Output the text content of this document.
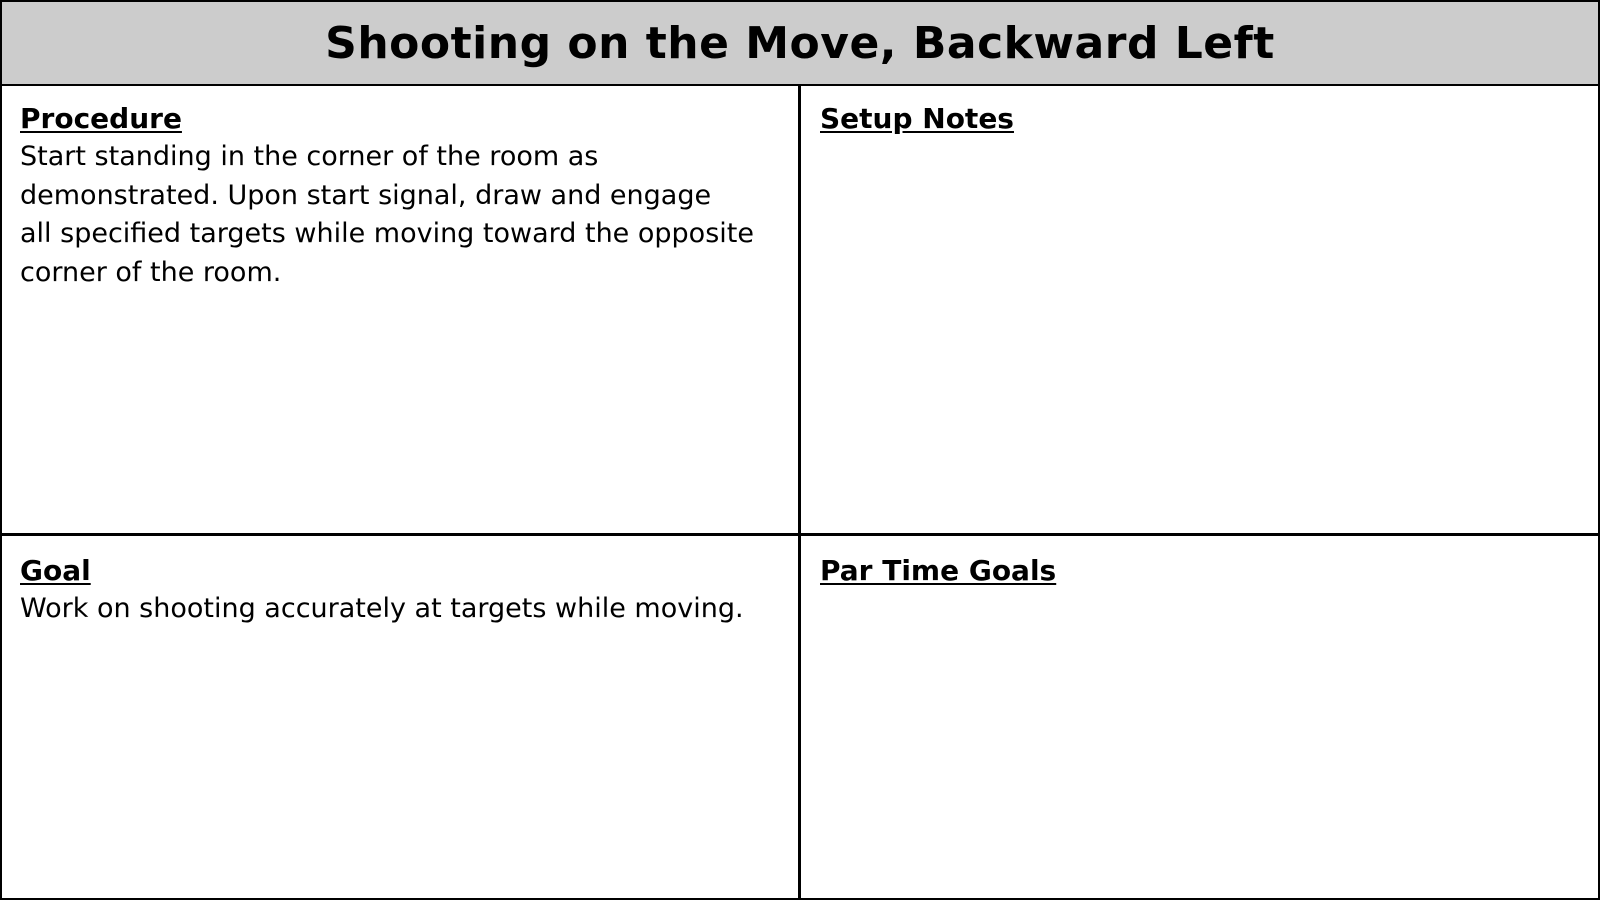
Shooting on the Move, Backward Left
Procedure

Start standing in the corner of the room as
demonstrated. Upon start signal, draw and engage
all specified targets while moving toward the opposite
corner of the room.

Setup Notes

Goal

Work on shooting accurately at targets while moving.

Par Time Goals
